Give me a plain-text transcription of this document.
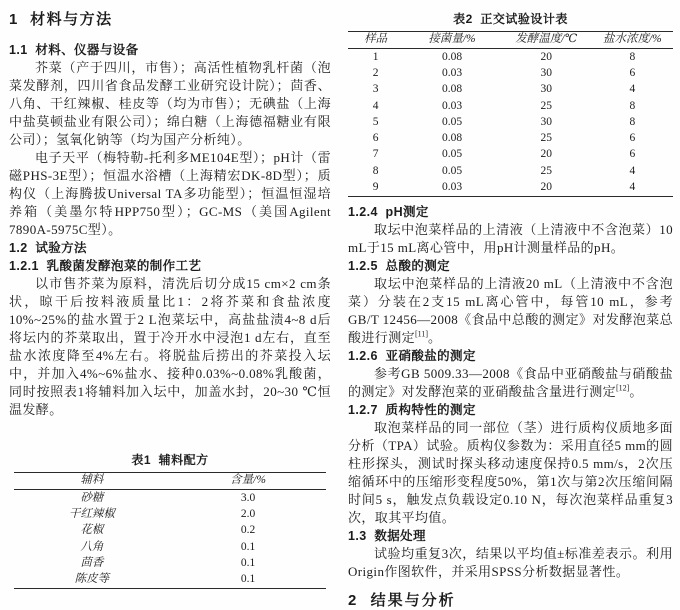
1  材料与方法
1.1  材料、仪器与设备

芥菜（产于四川，市售）；高活性植物乳杆菌（泡菜发酵剂，四川省食品发酵工业研究设计院）；茴香、八角、干红辣椒、桂皮等（均为市售）；无碘盐（上海中盐莫顿盐业有限公司）；绵白糖（上海德福糖业有限公司）；氢氧化钠等（均为国产分析纯）。

电子天平（梅特勒-托利多ME104E型）；pH计（雷磁PHS-3E型）；恒温水浴槽（上海精宏DK-8D型）；质构仪（上海腾拔Universal TA多功能型）；恒温恒湿培养箱（美墨尔特HPP750型）；GC-MS（美国Agilent 7890A-5975C型）。

1.2  试验方法
1.2.1  乳酸菌发酵泡菜的制作工艺

以市售芥菜为原料，清洗后切分成15 cm×2 cm条状，晾干后按料液质量比1：2将芥菜和食盐浓度10%~25%的盐水置于2 L泡菜坛中，高盐盐渍4~8 d后将坛内的芥菜取出，置于冷开水中浸泡1 d左右，直至盐水浓度降至4%左右。将脱盐后捞出的芥菜投入坛中，并加入4%~6%盐水、接种0.03%~0.08%乳酸菌，同时按照表1将辅料加入坛中，加盖水封，20~30 ℃恒温发酵。

表1  辅料配方
辅料	含量/%
砂糖	3.0
干红辣椒	2.0
花椒	0.2
八角	0.1
茴香	0.1
陈皮等	0.1
表2  正交试验设计表
样品	接菌量/%	发酵温度/℃	盐水浓度/%
1	0.08	20	8
2	0.03	30	6
3	0.08	30	4
4	0.03	25	8
5	0.05	30	8
6	0.08	25	6
7	0.05	20	6
8	0.05	25	4
9	0.03	20	4
1.2.4  pH测定

取坛中泡菜样品的上清液（上清液中不含泡菜）10 mL于15 mL离心管中，用pH计测量样品的pH。

1.2.5  总酸的测定

取坛中泡菜样品的上清液20 mL（上清液中不含泡菜）分装在2支15 mL离心管中，每管10 mL，参考GB/T 12456—2008《食品中总酸的测定》对发酵泡菜总酸进行测定[11]。

1.2.6  亚硝酸盐的测定

参考GB 5009.33—2008《食品中亚硝酸盐与硝酸盐的测定》对发酵泡菜的亚硝酸盐含量进行测定[12]。

1.2.7  质构特性的测定

取泡菜样品的同一部位（茎）进行质构仪质地多面分析（TPA）试验。质构仪参数为：采用直径5 mm的圆柱形探头，测试时探头移动速度保持0.5 mm/s，2次压缩循环中的压缩形变程度50%，第1次与第2次压缩间隔时间5 s，触发点负载设定0.10 N，每次泡菜样品重复3次，取其平均值。

1.3  数据处理

试验均重复3次，结果以平均值±标准差表示。利用Origin作图软件，并采用SPSS分析数据显著性。

2  结果与分析
